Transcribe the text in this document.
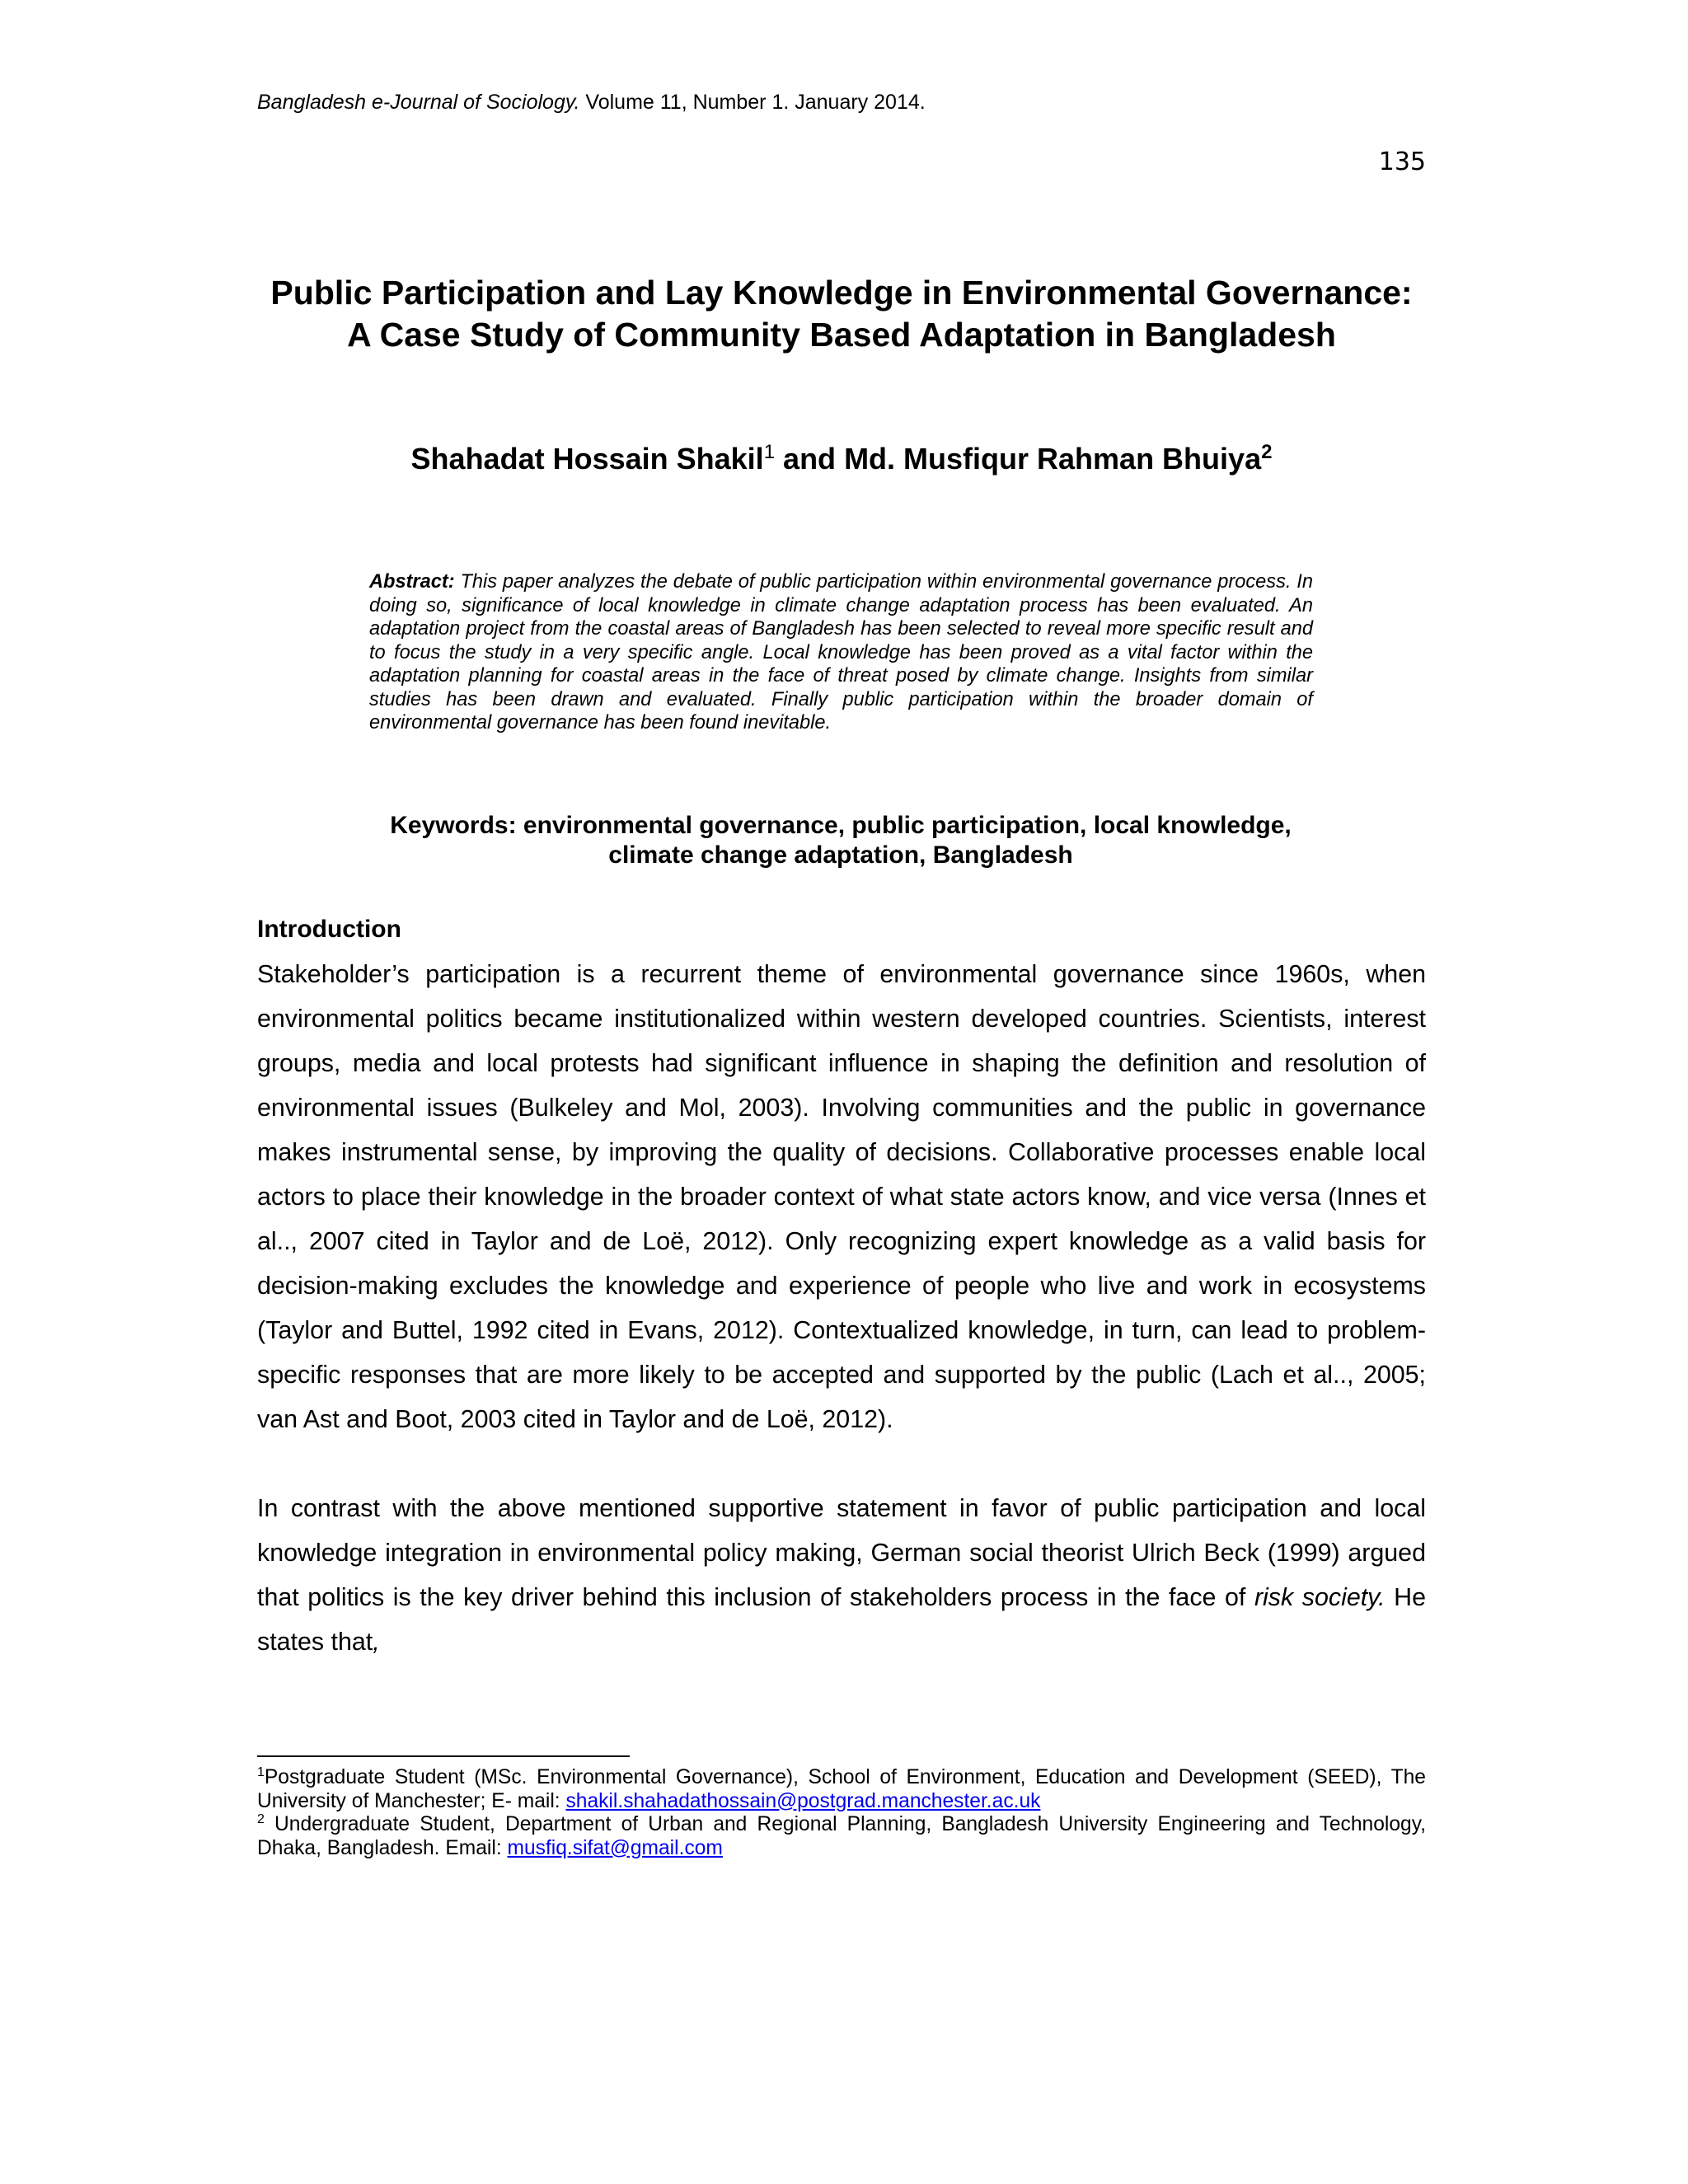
Bangladesh e-Journal of Sociology. Volume 11, Number 1. January 2014.
135
Public Participation and Lay Knowledge in Environmental Governance: A Case Study of Community Based Adaptation in Bangladesh

Shahadat Hossain Shakil$^1$ and Md. Musfiqur Rahman Bhuiya$^2$

Abstract: This paper analyzes the debate of public participation within environmental governance process. In doing so, significance of local knowledge in climate change adaptation process has been evaluated. An adaptation project from the coastal areas of Bangladesh has been selected to reveal more specific result and to focus the study in a very specific angle. Local knowledge has been proved as a vital factor within the adaptation planning for coastal areas in the face of threat posed by climate change. Insights from similar studies has been drawn and evaluated. Finally public participation within the broader domain of environmental governance has been found inevitable.

Keywords: environmental governance, public participation, local knowledge,
climate change adaptation, Bangladesh

Introduction

Stakeholder’s participation is a recurrent theme of environmental governance since 1960s, when environmental politics became institutionalized within western developed countries. Scientists, interest groups, media and local protests had significant influence in shaping the definition and resolution of environmental issues (Bulkeley and Mol, 2003). Involving communities and the public in governance makes instrumental sense, by improving the quality of decisions. Collaborative processes enable local actors to place their knowledge in the broader context of what state actors know, and vice versa (Innes et al.., 2007 cited in Taylor and de Loë, 2012). Only recognizing expert knowledge as a valid basis for decision-making excludes the knowledge and experience of people who live and work in ecosystems (Taylor and Buttel, 1992 cited in Evans, 2012). Contextualized knowledge, in turn, can lead to problem-specific responses that are more likely to be accepted and supported by the public (Lach et al.., 2005; van Ast and Boot, 2003 cited in Taylor and de Loë, 2012).

In contrast with the above mentioned supportive statement in favor of public participation and local knowledge integration in environmental policy making, German social theorist Ulrich Beck (1999) argued that politics is the key driver behind this inclusion of stakeholders process in the face of risk society. He states that,

$^1$Postgraduate Student (MSc. Environmental Governance), School of Environment, Education and Development (SEED), The University of Manchester; E- mail: shakil.shahadathossain@postgrad.manchester.ac.uk

$^2$ Undergraduate Student, Department of Urban and Regional Planning, Bangladesh University Engineering and Technology, Dhaka, Bangladesh. Email: musfiq.sifat@gmail.com
